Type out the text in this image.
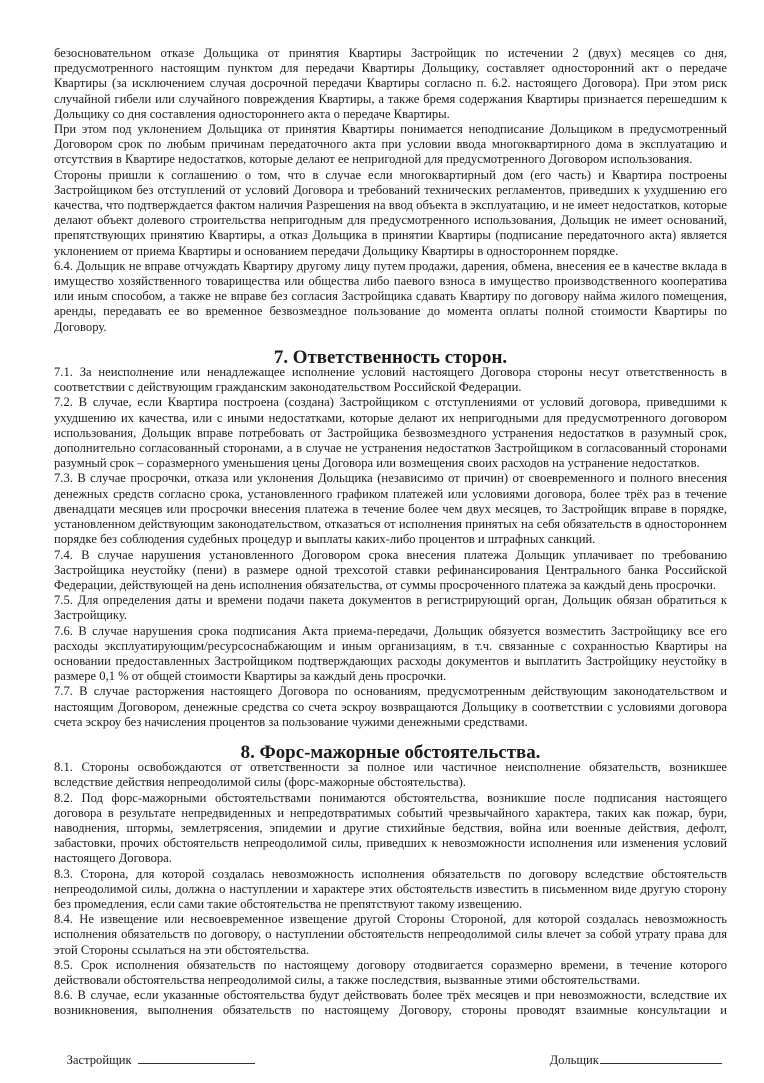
безосновательном отказе Дольщика от принятия Квартиры Застройщик по истечении 2 (двух) месяцев со дня, предусмотренного настоящим пунктом для передачи Квартиры Дольщику, составляет односторонний акт о передаче Квартиры (за исключением случая досрочной передачи Квартиры согласно п. 6.2. настоящего Договора). При этом риск случайной гибели или случайного повреждения Квартиры, а также бремя содержания Квартиры признается перешедшим к Дольщику со дня составления одностороннего акта о передаче Квартиры.

При этом под уклонением Дольщика от принятия Квартиры понимается неподписание Дольщиком в предусмотренный Договором срок по любым причинам передаточного акта при условии ввода многоквартирного дома в эксплуатацию и отсутствия в Квартире недостатков, которые делают ее непригодной для предусмотренного Договором использования.

Стороны пришли к соглашению о том, что в случае если многоквартирный дом (его часть) и Квартира построены Застройщиком без отступлений от условий Договора и требований технических регламентов, приведших к ухудшению его качества, что подтверждается фактом наличия Разрешения на ввод объекта в эксплуатацию, и не имеет недостатков, которые делают объект долевого строительства непригодным для предусмотренного использования, Дольщик не имеет оснований, препятствующих принятию Квартиры, а отказ Дольщика в принятии Квартиры (подписание передаточного акта) является уклонением от приема Квартиры и основанием передачи Дольщику Квартиры в одностороннем порядке.

6.4. Дольщик не вправе отчуждать Квартиру другому лицу путем продажи, дарения, обмена, внесения ее в качестве вклада в имущество хозяйственного товарищества или общества либо паевого взноса в имущество производственного кооператива или иным способом, а также не вправе без согласия Застройщика сдавать Квартиру по договору найма жилого помещения, аренды, передавать ее во временное безвозмездное пользование до момента оплаты полной стоимости Квартиры по Договору.

7. Ответственность сторон.

7.1. За неисполнение или ненадлежащее исполнение условий настоящего Договора стороны несут ответственность в соответствии с действующим гражданским законодательством Российской Федерации.

7.2. В случае, если Квартира построена (создана) Застройщиком с отступлениями от условий договора, приведшими к ухудшению их качества, или с иными недостатками, которые делают их непригодными для предусмотренного договором использования, Дольщик вправе потребовать от Застройщика безвозмездного устранения недостатков в разумный срок, дополнительно согласованный сторонами, а в случае не устранения недостатков Застройщиком в согласованный сторонами разумный срок – соразмерного уменьшения цены Договора или возмещения своих расходов на устранение недостатков.

7.3. В случае просрочки, отказа или уклонения Дольщика (независимо от причин) от своевременного и полного внесения денежных средств согласно срока, установленного графиком платежей или условиями договора, более трёх раз в течение двенадцати месяцев или просрочки внесения платежа в течение более чем двух месяцев, то Застройщик вправе в порядке, установленном действующим законодательством, отказаться от исполнения принятых на себя обязательств в одностороннем порядке без соблюдения судебных процедур и выплаты каких-либо процентов и штрафных санкций.

7.4. В случае нарушения установленного Договором срока внесения платежа Дольщик уплачивает по требованию Застройщика неустойку (пени) в размере одной трехсотой ставки рефинансирования Центрального банка Российской Федерации, действующей на день исполнения обязательства, от суммы просроченного платежа за каждый день просрочки.

7.5. Для определения даты и времени подачи пакета документов в регистрирующий орган, Дольщик обязан обратиться к Застройщику.

7.6. В случае нарушения срока подписания Акта приема-передачи, Дольщик обязуется возместить Застройщику все его расходы эксплуатирующим/ресурсоснабжающим и иным организациям, в т.ч. связанные с сохранностью Квартиры на основании предоставленных Застройщиком подтверждающих расходы документов и выплатить Застройщику неустойку в размере 0,1 % от общей стоимости Квартиры за каждый день просрочки.

7.7. В случае расторжения настоящего Договора по основаниям, предусмотренным действующим законодательством и настоящим Договором, денежные средства со счета эскроу возвращаются Дольщику в соответствии с условиями договора счета эскроу без начисления процентов за пользование чужими денежными средствами.

8. Форс-мажорные обстоятельства.

8.1. Стороны освобождаются от ответственности за полное или частичное неисполнение обязательств, возникшее вследствие действия непреодолимой силы (форс-мажорные обстоятельства).

8.2. Под форс-мажорными обстоятельствами понимаются обстоятельства, возникшие после подписания настоящего договора в результате непредвиденных и непредотвратимых событий чрезвычайного характера, таких как пожар, бури, наводнения, штормы, землетрясения, эпидемии и другие стихийные бедствия, война или военные действия, дефолт, забастовки, прочих обстоятельств непреодолимой силы, приведших к невозможности исполнения или изменения условий настоящего Договора.

8.3. Сторона, для которой создалась невозможность исполнения обязательств по договору вследствие обстоятельств непреодолимой силы, должна о наступлении и характере этих обстоятельств известить в письменном виде другую сторону без промедления, если сами такие обстоятельства не препятствуют такому извещению.

8.4. Не извещение или несвоевременное извещение другой Стороны Стороной, для которой создалась невозможность исполнения обязательств по договору, о наступлении обстоятельств непреодолимой силы влечет за собой утрату права для этой Стороны ссылаться на эти обстоятельства.

8.5. Срок исполнения обязательств по настоящему договору отодвигается соразмерно времени, в течение которого действовали обстоятельства непреодолимой силы, а также последствия, вызванные этими обстоятельствами.

8.6. В случае, если указанные обстоятельства будут действовать более трёх месяцев и при невозможности, вследствие их возникновения, выполнения обязательств по настоящему Договору, стороны проводят взаимные консультации и

Застройщик
	Дольщик
